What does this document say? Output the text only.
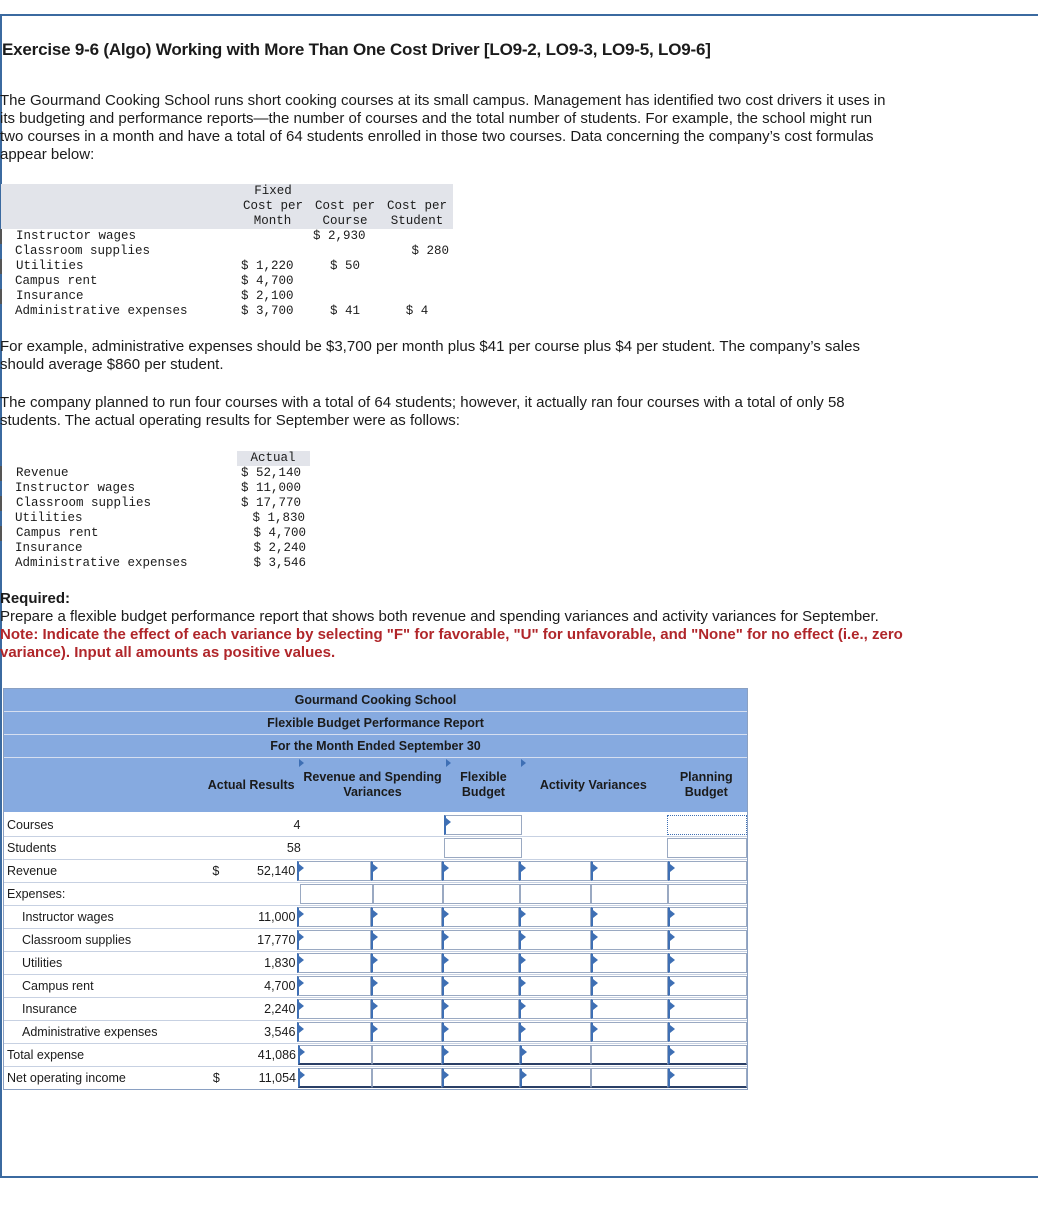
Exercise 9-6 (Algo) Working with More Than One Cost Driver [LO9-2, LO9-3, LO9-5, LO9-6]
The Gourmand Cooking School runs short cooking courses at its small campus. Management has identified two cost drivers it uses in
its budgeting and performance reports—the number of courses and the total number of students. For example, the school might run
two courses in a month and have a total of 64 students enrolled in those two courses. Data concerning the company’s cost formulas
appear below:
	Fixed		
	Cost per	Cost per	Cost per
	Month	Course	Student
Instructor wages		$ 2,930	
Classroom supplies			$ 280
Utilities	$ 1,220	$ 50	
Campus rent	$ 4,700		
Insurance	$ 2,100		
Administrative expenses	$ 3,700	$ 41	$ 4
For example, administrative expenses should be $3,700 per month plus $41 per course plus $4 per student. The company’s sales
should average $860 per student.
The company planned to run four courses with a total of 64 students; however, it actually ran four courses with a total of only 58
students. The actual operating results for September were as follows:
	Actual
Revenue	$ 52,140
Instructor wages	$ 11,000
Classroom supplies	$ 17,770
Utilities	$ 1,830
Campus rent	$ 4,700
Insurance	$ 2,240
Administrative expenses	$ 3,546
Required:
Prepare a flexible budget performance report that shows both revenue and spending variances and activity variances for September.
Note: Indicate the effect of each variance by selecting "F" for favorable, "U" for unfavorable, and "None" for no effect (i.e., zero
variance). Input all amounts as positive values.
Gourmand Cooking School
Flexible Budget Performance Report
For the Month Ended September 30
Actual Results
Revenue and Spending Variances
Flexible Budget
Activity Variances
Planning Budget
Courses	4
Students	58
Revenue	$	52,140
Expenses:
Instructor wages	11,000
Classroom supplies	17,770
Utilities	1,830
Campus rent	4,700
Insurance	2,240
Administrative expenses	3,546
Total expense	41,086
Net operating income	$	11,054
